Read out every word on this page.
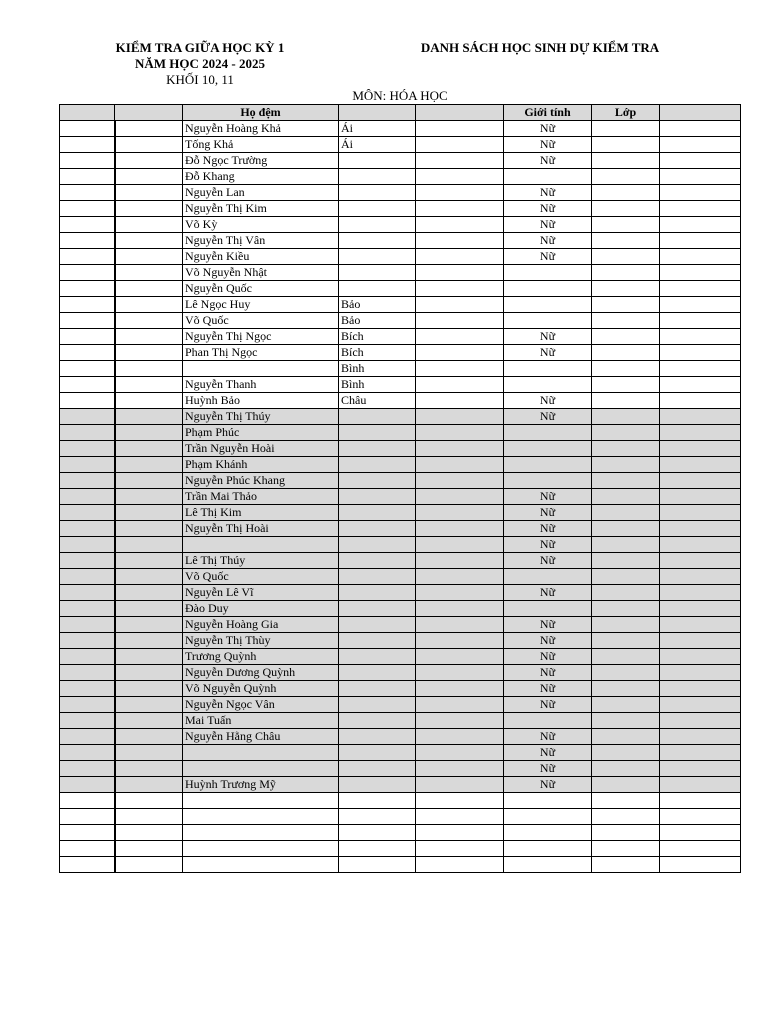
KIỂM TRA GIỮA HỌC KỲ 1
NĂM HỌC 2024 - 2025
KHỐI 10, 11
DANH SÁCH HỌC SINH DỰ KIỂM TRA
MÔN: HÓA HỌC
		Họ đệm			Giới tính	Lớp	
		Nguyễn Hoàng Khả	Ái		Nữ		
		Tống Khả	Ái		Nữ		
		Đỗ Ngọc Trường			Nữ		
		Đỗ Khang					
		Nguyễn Lan			Nữ		
		Nguyễn Thị Kim			Nữ		
		Võ Kỳ			Nữ		
		Nguyễn Thị Vân			Nữ		
		Nguyễn Kiều			Nữ		
		Võ Nguyễn Nhật					
		Nguyễn Quốc					
		Lê Ngọc Huy	Bảo				
		Võ Quốc	Bảo				
		Nguyễn Thị Ngọc	Bích		Nữ		
		Phan Thị Ngọc	Bích		Nữ		
			Bình				
		Nguyễn Thanh	Bình				
		Huỳnh Bảo	Châu		Nữ		
		Nguyễn Thị Thúy			Nữ		
		Phạm Phúc					
		Trần Nguyễn Hoài					
		Phạm Khánh					
		Nguyễn Phúc Khang					
		Trần Mai Thảo			Nữ		
		Lê Thị Kim			Nữ		
		Nguyễn Thị Hoài			Nữ		
					Nữ		
		Lê Thị Thúy			Nữ		
		Võ Quốc					
		Nguyễn Lê Vĩ			Nữ		
		Đào Duy					
		Nguyễn Hoàng Gia			Nữ		
		Nguyễn Thị Thùy			Nữ		
		Trương Quỳnh			Nữ		
		Nguyễn Dương Quỳnh			Nữ		
		Võ Nguyễn Quỳnh			Nữ		
		Nguyễn Ngọc Vân			Nữ		
		Mai Tuấn					
		Nguyễn Hằng Châu			Nữ		
					Nữ		
					Nữ		
		Huỳnh Trương Mỹ			Nữ		
